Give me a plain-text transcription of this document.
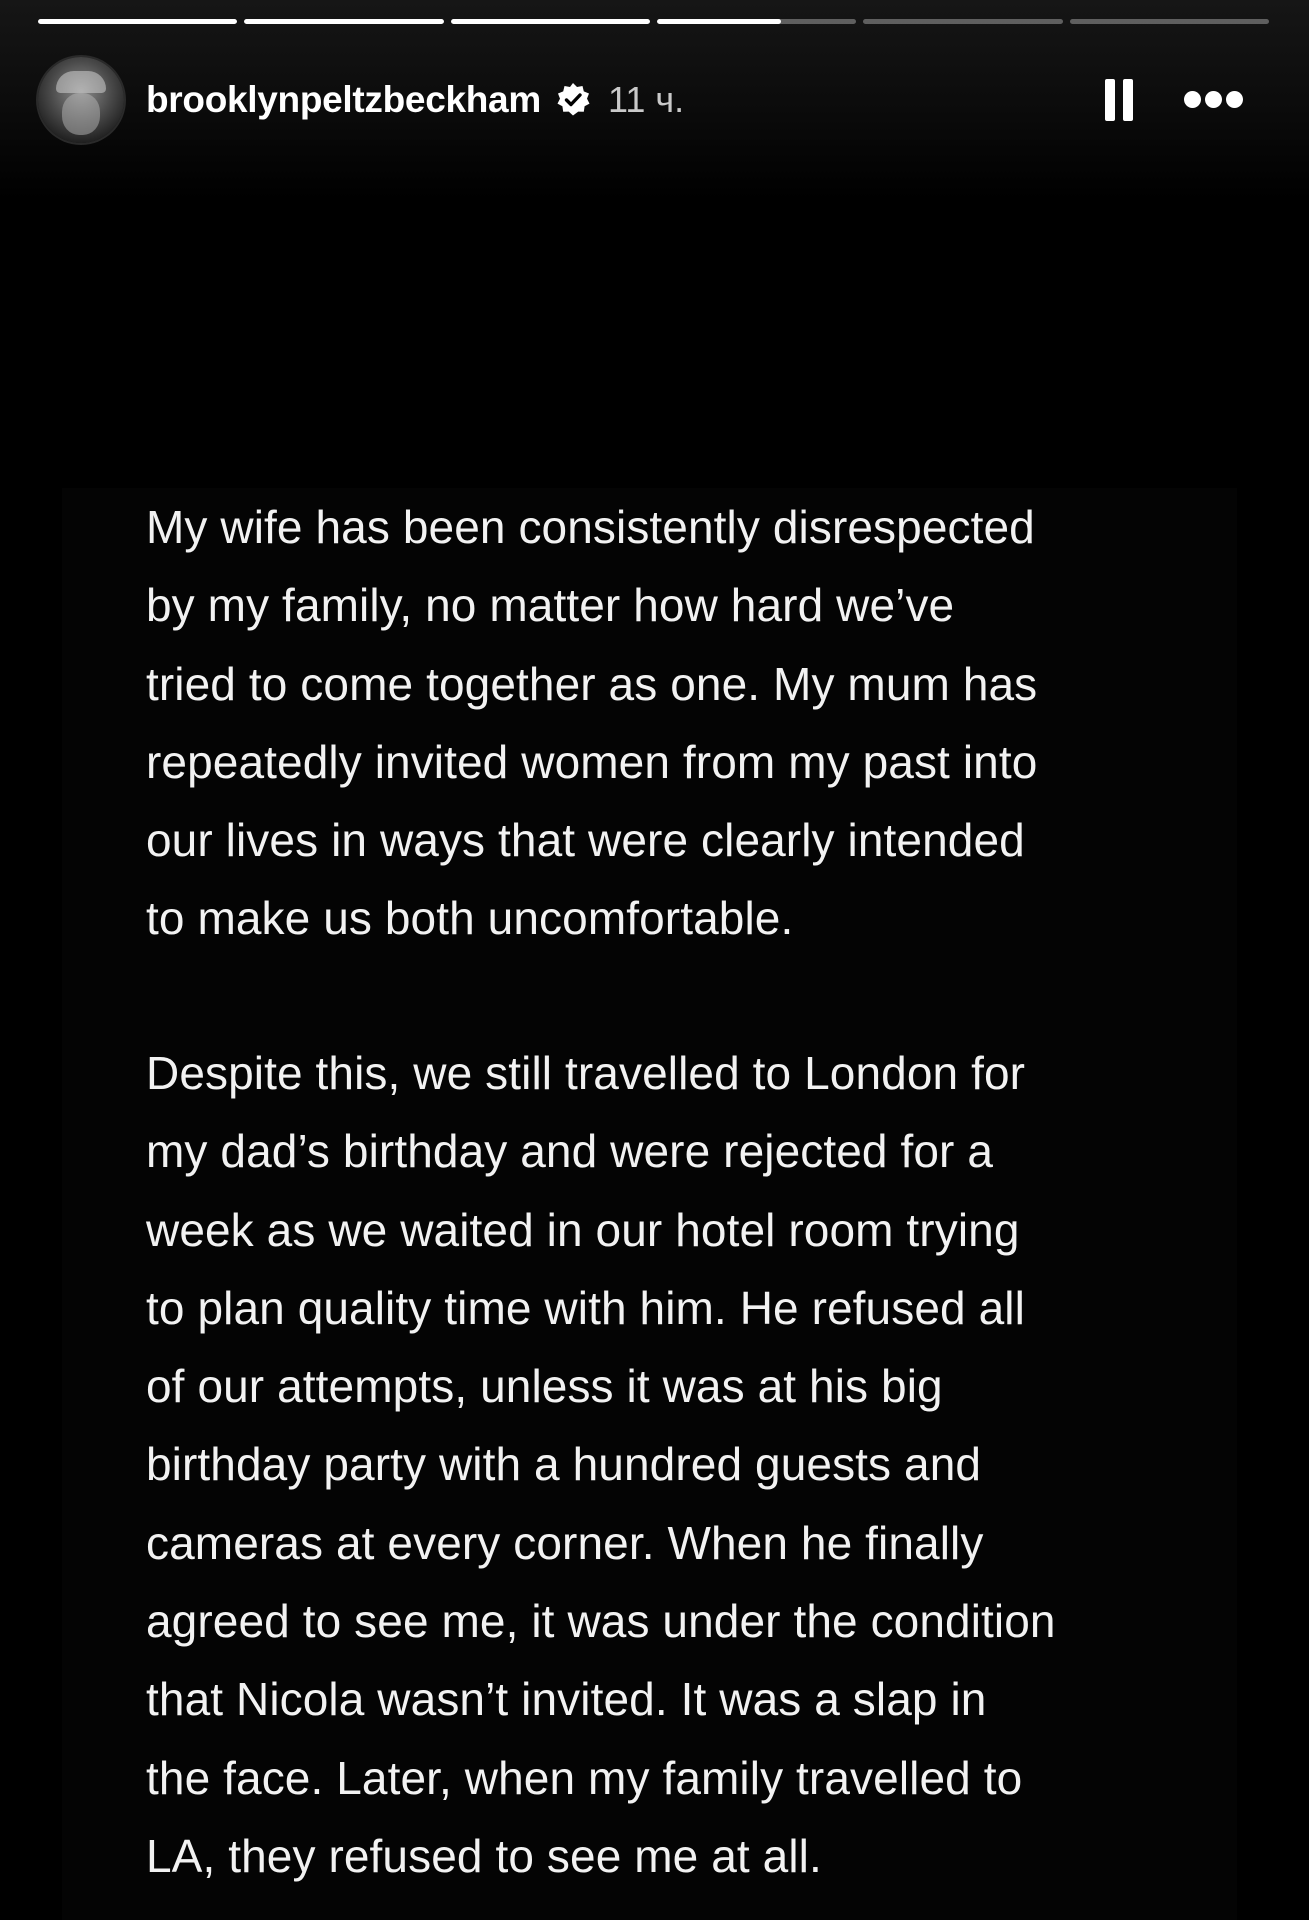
brooklynpeltzbeckham 11 ч.

My wife has been consistently disrespected
by my family, no matter how hard we’ve
tried to come together as one. My mum has
repeatedly invited women from my past into
our lives in ways that were clearly intended
to make us both uncomfortable.

Despite this, we still travelled to London for
my dad’s birthday and were rejected for a
week as we waited in our hotel room trying
to plan quality time with him. He refused all
of our attempts, unless it was at his big
birthday party with a hundred guests and
cameras at every corner. When he finally
agreed to see me, it was under the condition
that Nicola wasn’t invited. It was a slap in
the face. Later, when my family travelled to
LA, they refused to see me at all.
